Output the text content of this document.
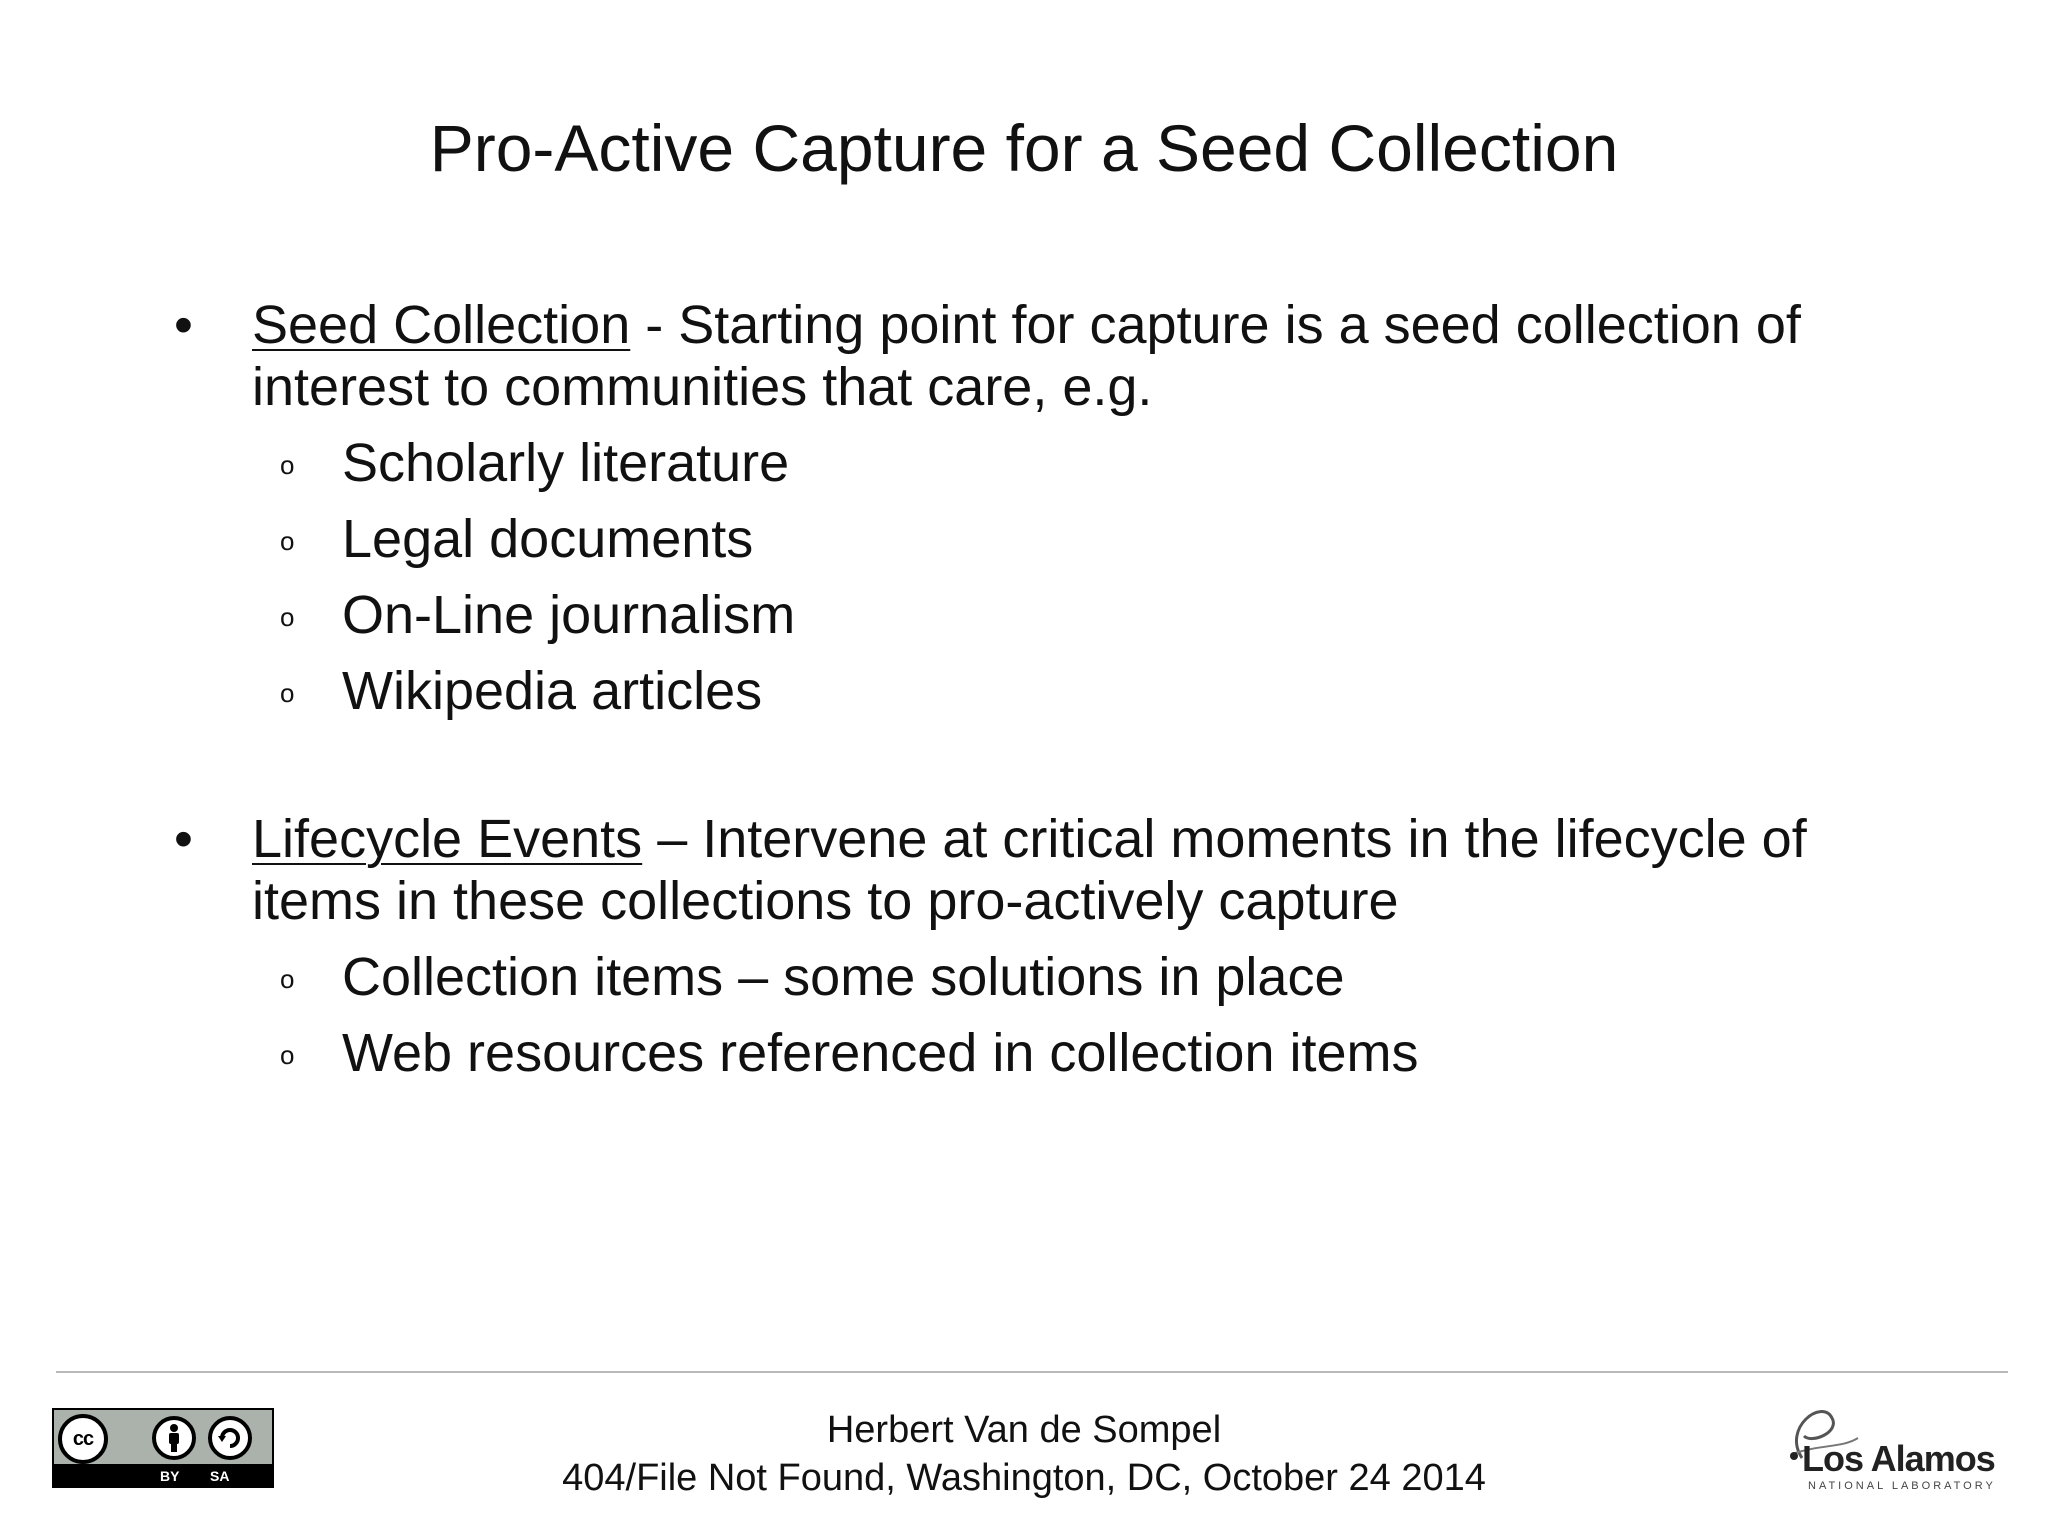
Pro-Active Capture for a Seed Collection
• Seed Collection - Starting point for capture is a seed collection of interest to communities that care, e.g.
o Scholarly literature
o Legal documents
o On-Line journalism
o Wikipedia articles
• Lifecycle Events – Intervene at critical moments in the lifecycle of items in these collections to pro-actively capture
o Collection items – some solutions in place
o Web resources referenced in collection items
cc
BY SA
Herbert Van de Sompel
404/File Not Found, Washington, DC, October 24 2014	Los Alamos
NATIONAL LABORATORY
